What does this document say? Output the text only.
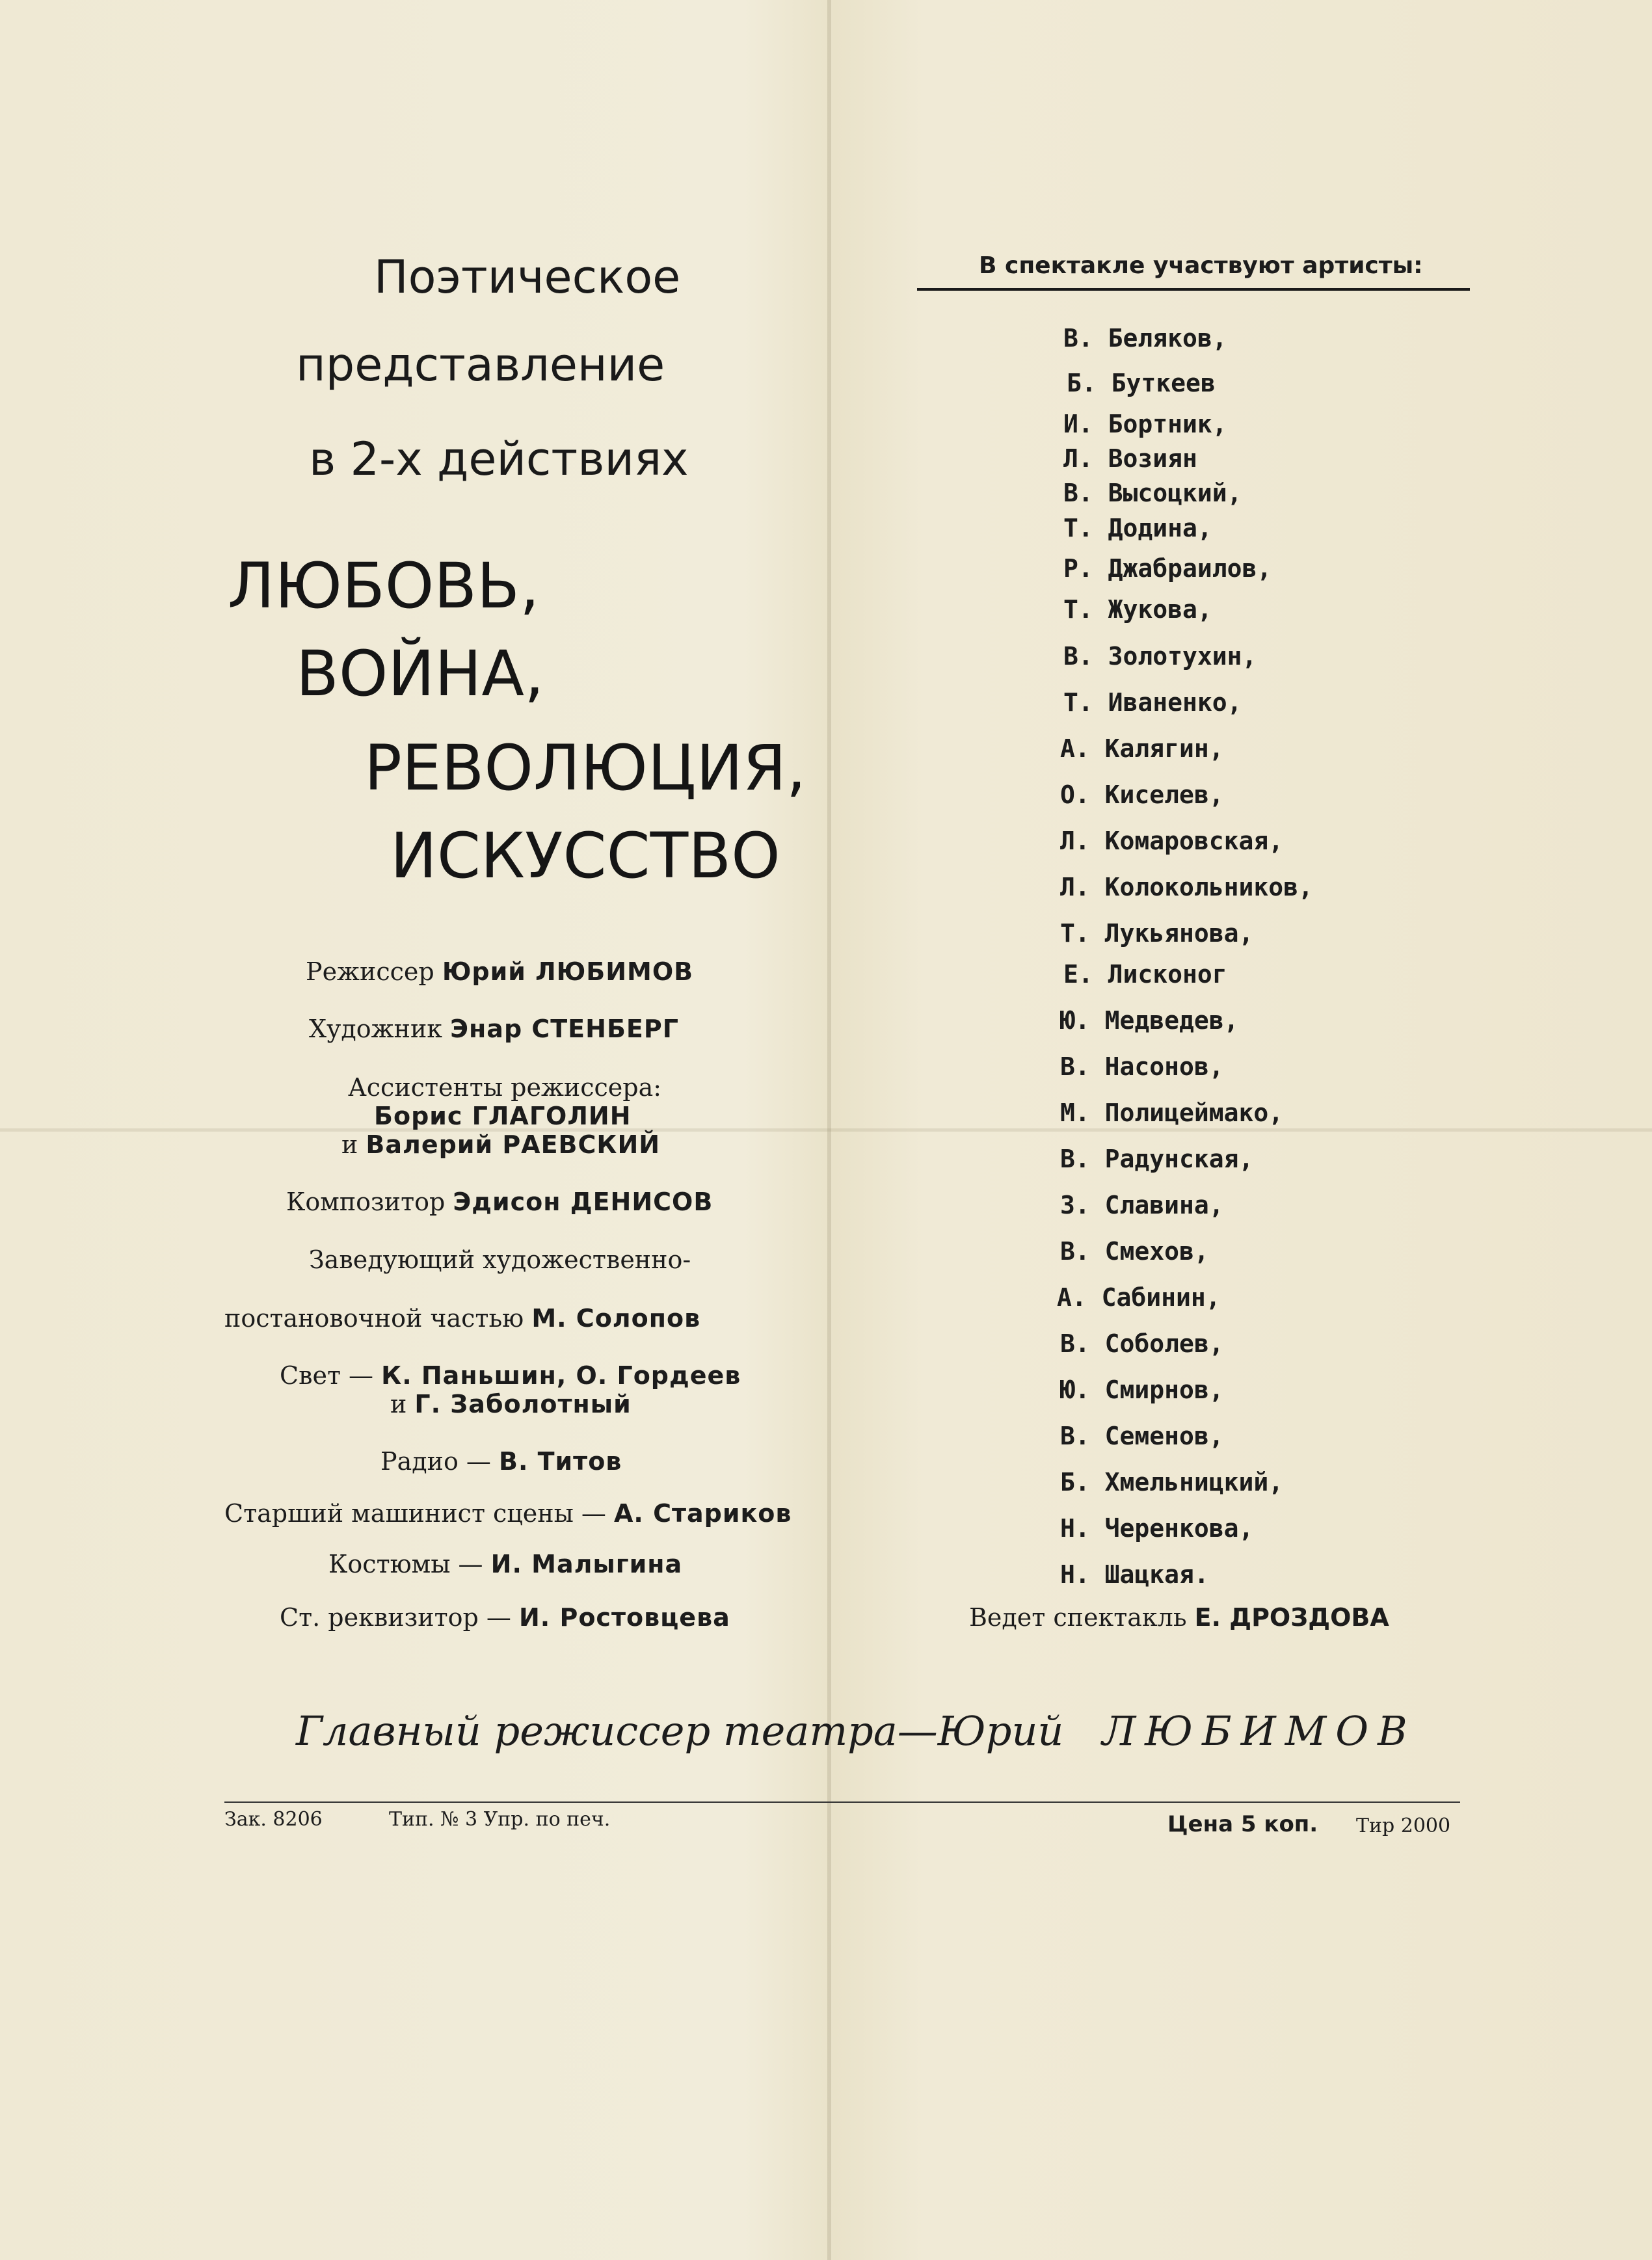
Поэтическое
представление
в 2-х действиях
ЛЮБОВЬ,
ВОЙНА,
РЕВОЛЮЦИЯ,
ИСКУССТВО
Режиссер Юрий ЛЮБИМОВ
Художник Энар СТЕНБЕРГ
Ассистенты режиссера:
Борис ГЛАГОЛИН
и Валерий РАЕВСКИЙ
Композитор Эдисон ДЕНИСОВ
Заведующий художественно-
постановочной частью М. Солопов
Свет — К. Паньшин, О. Гордеев
и Г. Заболотный
Радио — В. Титов
Старший машинист сцены — А. Стариков
Костюмы — И. Малыгина
Ст. реквизитор — И. Ростовцева
В спектакле участвуют артисты:
В. Беляков,
Б. Буткеев
И. Бортник,
Л. Возиян
В. Высоцкий,
Т. Додина,
Р. Джабраилов,
Т. Жукова,
В. Золотухин,
Т. Иваненко,
А. Калягин,
О. Киселев,
Л. Комаровская,
Л. Колокольников,
Т. Лукьянова,
Е. Лисконог
Ю. Медведев,
В. Насонов,
М. Полицеймако,
В. Радунская,
З. Славина,
В. Смехов,
А. Сабинин,
В. Соболев,
Ю. Смирнов,
В. Семенов,
Б. Хмельницкий,
Н. Черенкова,
Н. Шацкая.
Ведет спектакль Е. ДРОЗДОВА
Главный режиссер театра—Юрий ЛЮБИМОВ
Зак. 8206	Тип. № 3 Упр. по печ.	Цена 5 коп. Тир 2000
